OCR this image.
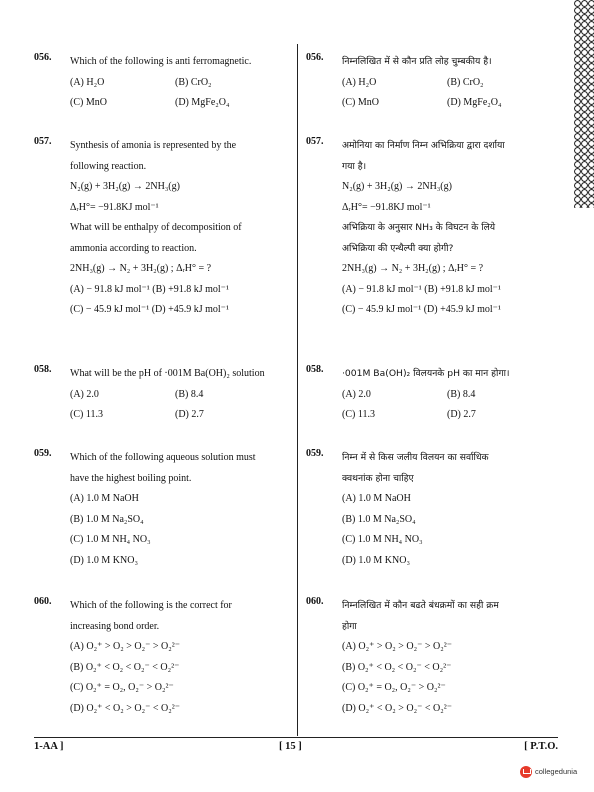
056. Which of the following is anti ferromagnetic.
(A) H₂O	(B) CrO₂
(C) MnO	(D) MgFe₂O₄
057. Synthesis of amonia is represented by the
following reaction.
N₂(g) + 3H₂(g) → 2NH₃(g)
ΔᵣH°= −91.8KJ mol⁻¹
What will be enthalpy of decomposition of
ammonia according to reaction.
2NH₃(g) → N₂ + 3H₂(g) ; ΔᵣH° = ?
(A) − 91.8 kJ mol⁻¹ (B) +91.8 kJ mol⁻¹
(C) − 45.9 kJ mol⁻¹ (D) +45.9 kJ mol⁻¹
058. What will be the pH of ·001M Ba(OH)₂ solution
(A) 2.0	(B) 8.4
(C) 11.3	(D) 2.7
059. Which of the following aqueous solution must
have the highest boiling point.
(A) 1.0 M NaOH
(B) 1.0 M Na₂SO₄
(C) 1.0 M NH₄ NO₃
(D) 1.0 M KNO₃
060. Which of the following is the correct for
increasing bond order.
(A) O₂⁺ > O₂ > O₂⁻ > O₂²⁻
(B) O₂⁺ < O₂ < O₂⁻ < O₂²⁻
(C) O₂⁺ = O₂, O₂⁻ > O₂²⁻
(D) O₂⁺ < O₂ > O₂⁻ < O₂²⁻
056. निम्नलिखित में से कौन प्रति लोह चुम्बकीय है।
(A) H₂O	(B) CrO₂
(C) MnO	(D) MgFe₂O₄
057. अमोनिया का निर्माण निम्न अभिक्रिया द्वारा दर्शाया
गया है।
N₂(g) + 3H₂(g) → 2NH₃(g)
ΔᵣH°= −91.8KJ mol⁻¹
अभिक्रिया के अनुसार NH₃ के विघटन के लिये
अभिक्रिया की एन्थैल्पी क्या होगी?
2NH₃(g) → N₂ + 3H₂(g) ; ΔᵣH° = ?
(A) − 91.8 kJ mol⁻¹ (B) +91.8 kJ mol⁻¹
(C) − 45.9 kJ mol⁻¹ (D) +45.9 kJ mol⁻¹
058. ·001M Ba(OH)₂ विलयनके pH का मान होगा।
(A) 2.0	(B) 8.4
(C) 11.3	(D) 2.7
059. निम्न में से किस जलीय विलयन का सर्वाधिक
क्वथनांक होना चाहिए
(A) 1.0 M NaOH
(B) 1.0 M Na₂SO₄
(C) 1.0 M NH₄ NO₃
(D) 1.0 M KNO₃
060. निम्नलिखित में कौन बढते बंधक्रमों का सही क्रम
होगा
(A) O₂⁺ > O₂ > O₂⁻ > O₂²⁻
(B) O₂⁺ < O₂ < O₂⁻ < O₂²⁻
(C) O₂⁺ = O₂, O₂⁻ > O₂²⁻
(D) O₂⁺ < O₂ > O₂⁻ < O₂²⁻
1-AA ]	[ 15 ]	[ P.T.O.
collegedunia
